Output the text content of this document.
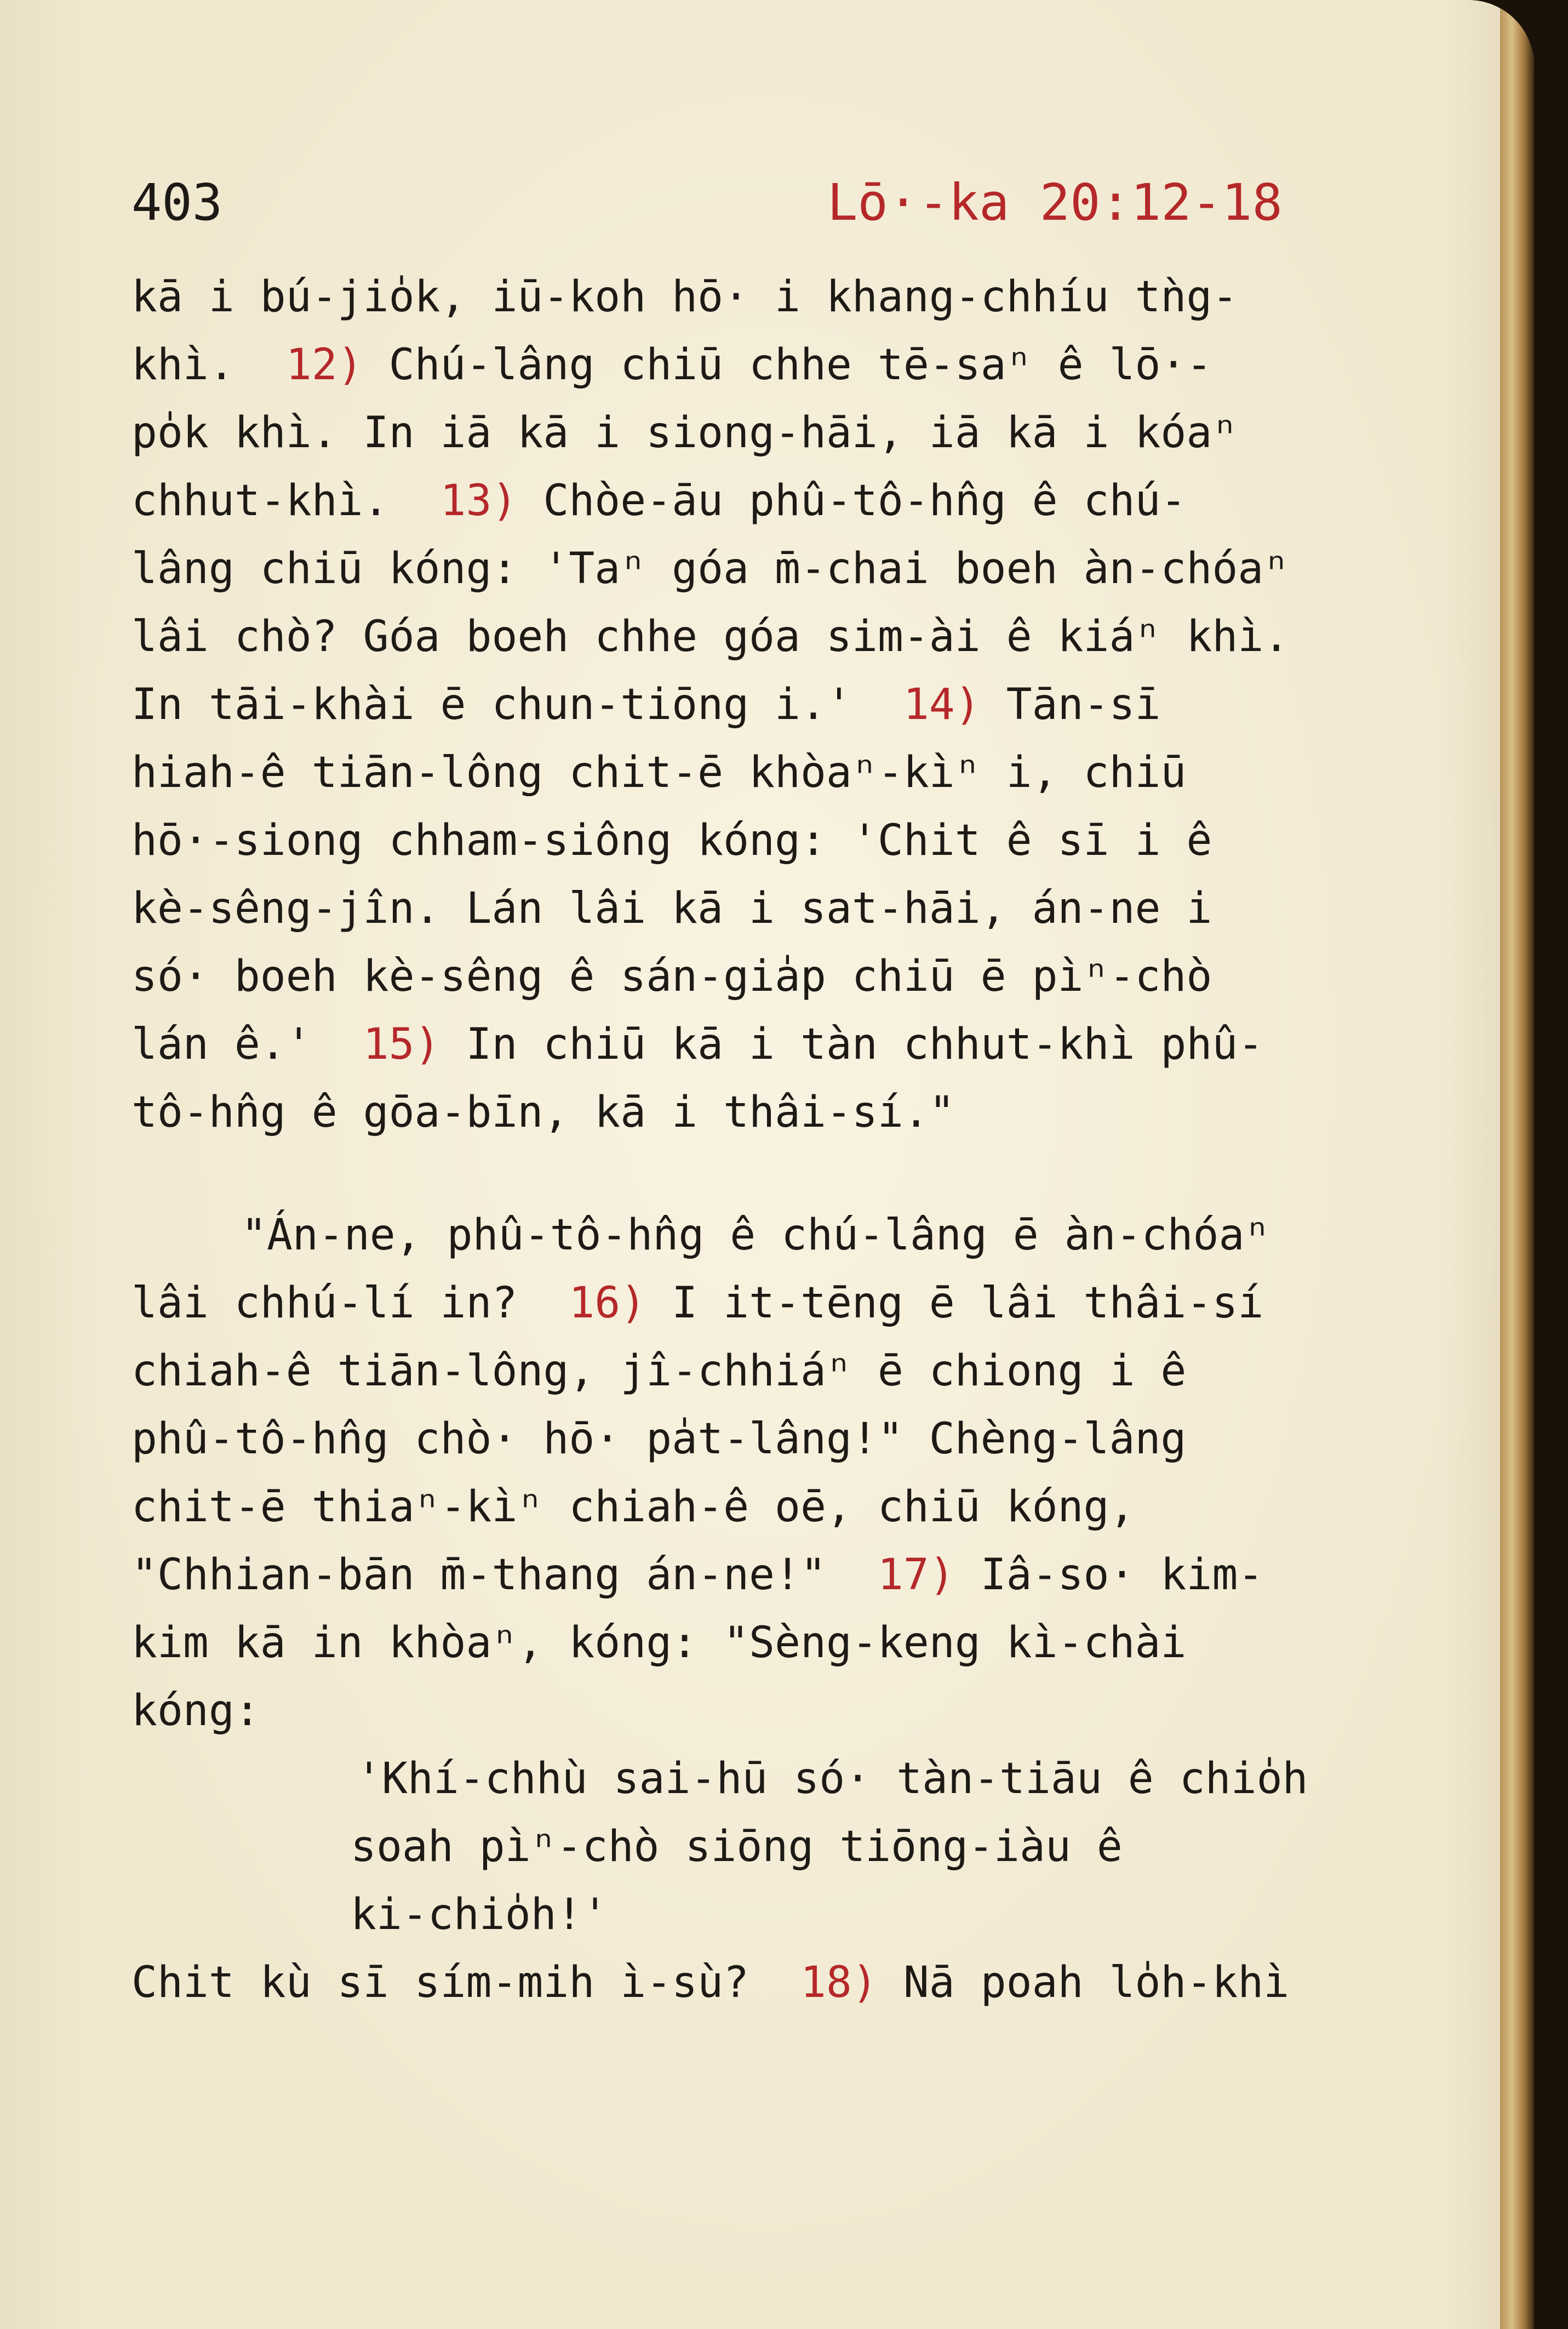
403

	Lō·-ka 20:12-18

kā i bú-jio̍k, iū-koh hō· i khang-chhíu tǹg-
khì.  12) Chú-lâng chiū chhe tē-saⁿ ê lō·-
po̍k khì. In iā kā i siong-hāi, iā kā i kóaⁿ
chhut-khì.  13) Chòe-āu phû-tô-hn̂g ê chú-
lâng chiū kóng: 'Taⁿ góa m̄-chai boeh àn-chóaⁿ
lâi chò? Góa boeh chhe góa sim-ài ê kiáⁿ khì.
In tāi-khài ē chun-tiōng i.'  14) Tān-sī
hiah-ê tiān-lông chit-ē khòaⁿ-kìⁿ i, chiū
hō·-siong chham-siông kóng: 'Chit ê sī i ê
kè-sêng-jîn. Lán lâi kā i sat-hāi, án-ne i
só· boeh kè-sêng ê sán-gia̍p chiū ē pìⁿ-chò
lán ê.'  15) In chiū kā i tàn chhut-khì phû-
tô-hn̂g ê gōa-bīn, kā i thâi-sí."
"Án-ne, phû-tô-hn̂g ê chú-lâng ē àn-chóaⁿ
lâi chhú-lí in?  16) I it-tēng ē lâi thâi-sí
chiah-ê tiān-lông, jî-chhiáⁿ ē chiong i ê
phû-tô-hn̂g chò· hō· pa̍t-lâng!" Chèng-lâng
chit-ē thiaⁿ-kìⁿ chiah-ê oē, chiū kóng,
"Chhian-bān m̄-thang án-ne!"  17) Iâ-so· kim-
kim kā in khòaⁿ, kóng: "Sèng-keng kì-chài
kóng:
'Khí-chhù sai-hū só· tàn-tiāu ê chio̍h
soah pìⁿ-chò siōng tiōng-iàu ê
ki-chio̍h!'
Chit kù sī sím-mih ì-sù?  18) Nā poah lo̍h-khì
